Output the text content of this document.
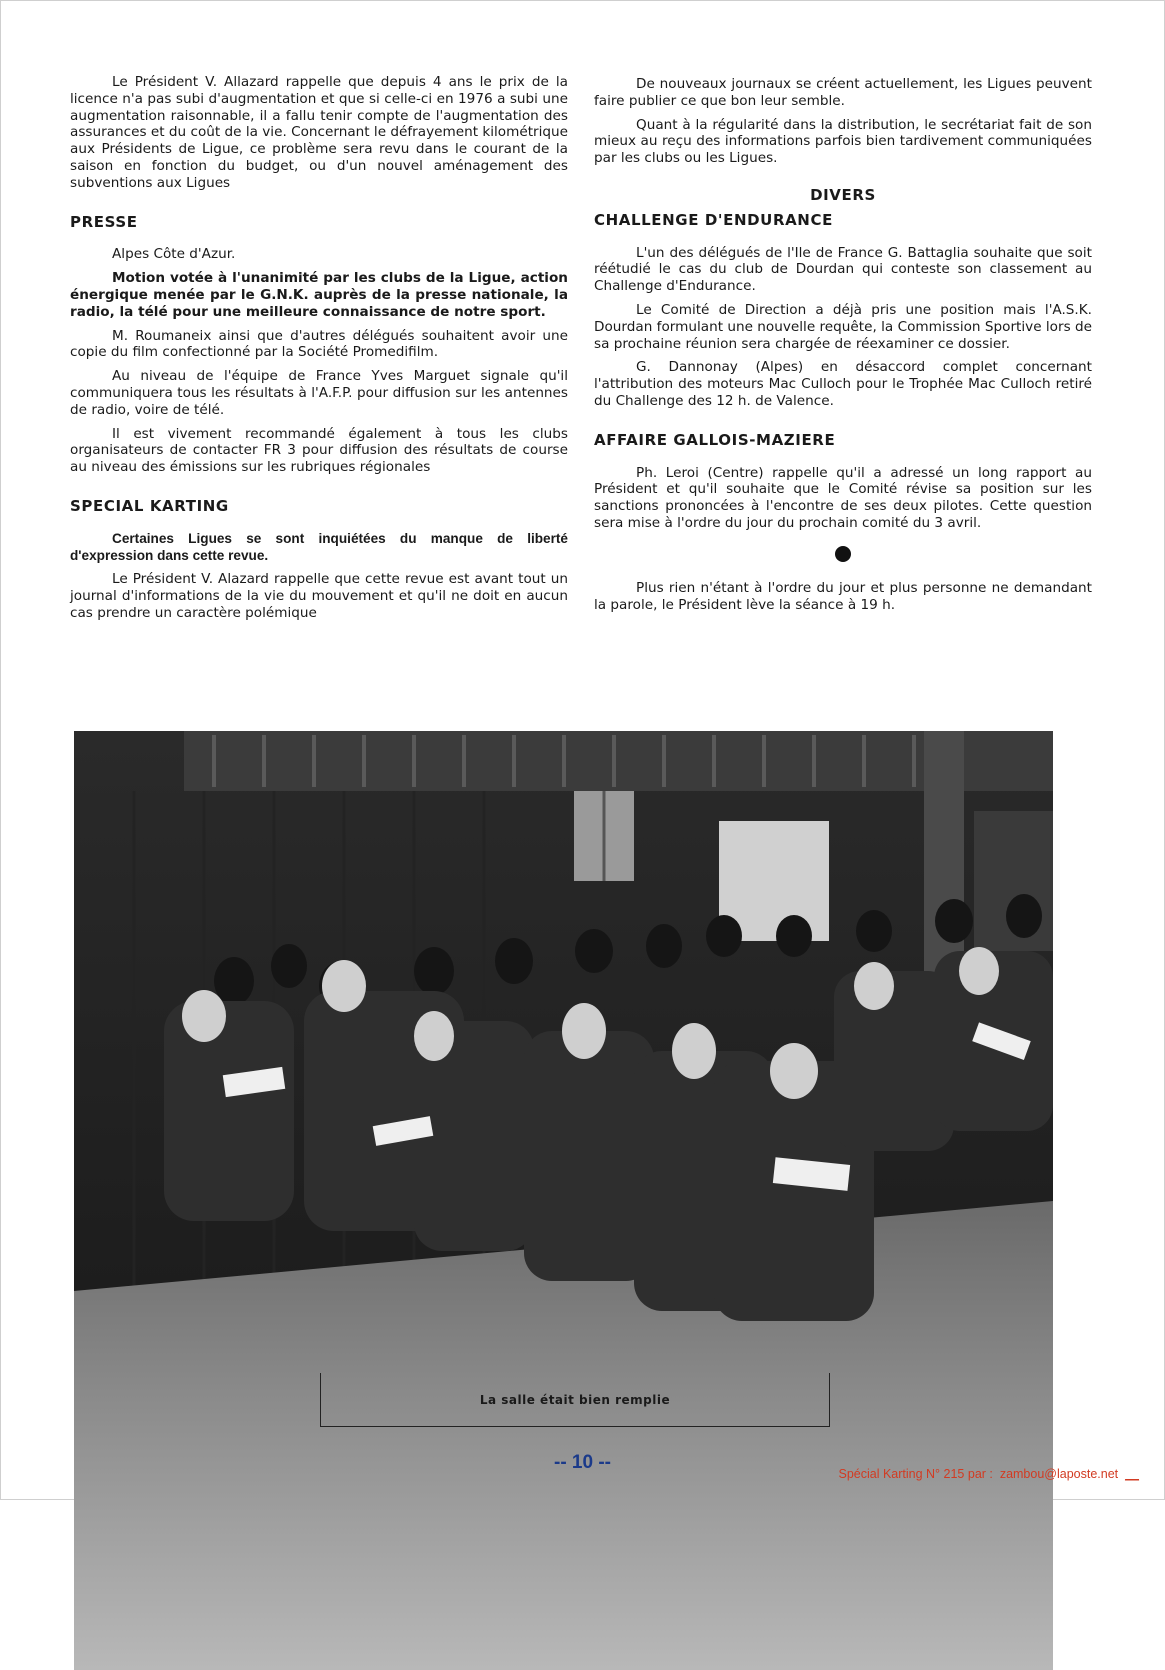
Le Président V. Allazard rappelle que depuis 4 ans le prix de la licence n'a pas subi d'augmentation et que si celle-ci en 1976 a subi une augmentation raisonnable, il a fallu tenir compte de l'augmentation des assurances et du coût de la vie. Concernant le défrayement kilométrique aux Présidents de Ligue, ce problème sera revu dans le courant de la saison en fonction du budget, ou d'un nouvel aménagement des subventions aux Ligues

PRESSE

Alpes Côte d'Azur.

Motion votée à l'unanimité par les clubs de la Ligue, action énergique menée par le G.N.K. auprès de la presse nationale, la radio, la télé pour une meilleure connaissance de notre sport.

M. Roumaneix ainsi que d'autres délégués souhaitent avoir une copie du film confectionné par la Société Promedifilm.

Au niveau de l'équipe de France Yves Marguet signale qu'il communiquera tous les résultats à l'A.F.P. pour diffusion sur les antennes de radio, voire de télé.

Il est vivement recommandé également à tous les clubs organisateurs de contacter FR 3 pour diffusion des résultats de course au niveau des émissions sur les rubriques régionales

SPECIAL KARTING

Certaines Ligues se sont inquiétées du manque de liberté d'expression dans cette revue.

Le Président V. Alazard rappelle que cette revue est avant tout un journal d'informations de la vie du mouvement et qu'il ne doit en aucun cas prendre un caractère polémique

De nouveaux journaux se créent actuellement, les Ligues peuvent faire publier ce que bon leur semble.

Quant à la régularité dans la distribution, le secrétariat fait de son mieux au reçu des informations parfois bien tardivement communiquées par les clubs ou les Ligues.

DIVERS
CHALLENGE D'ENDURANCE

L'un des délégués de l'Ile de France G. Battaglia souhaite que soit réétudié le cas du club de Dourdan qui conteste son classement au Challenge d'Endurance.

Le Comité de Direction a déjà pris une position mais l'A.S.K. Dourdan formulant une nouvelle requête, la Commission Sportive lors de sa prochaine réunion sera chargée de réexaminer ce dossier.

G. Dannonay (Alpes) en désaccord complet concernant l'attribution des moteurs Mac Culloch pour le Trophée Mac Culloch retiré du Challenge des 12 h. de Valence.

AFFAIRE GALLOIS-MAZIERE

Ph. Leroi (Centre) rappelle qu'il a adressé un long rapport au Président et qu'il souhaite que le Comité révise sa position sur les sanctions prononcées à l'encontre de ses deux pilotes. Cette question sera mise à l'ordre du jour du prochain comité du 3 avril.

Plus rien n'étant à l'ordre du jour et plus personne ne demandant la parole, le Président lève la séance à 19 h.

La salle était bien remplie
-- 10 --
Spécial Karting N° 215 par :  zambou@laposte.net __
